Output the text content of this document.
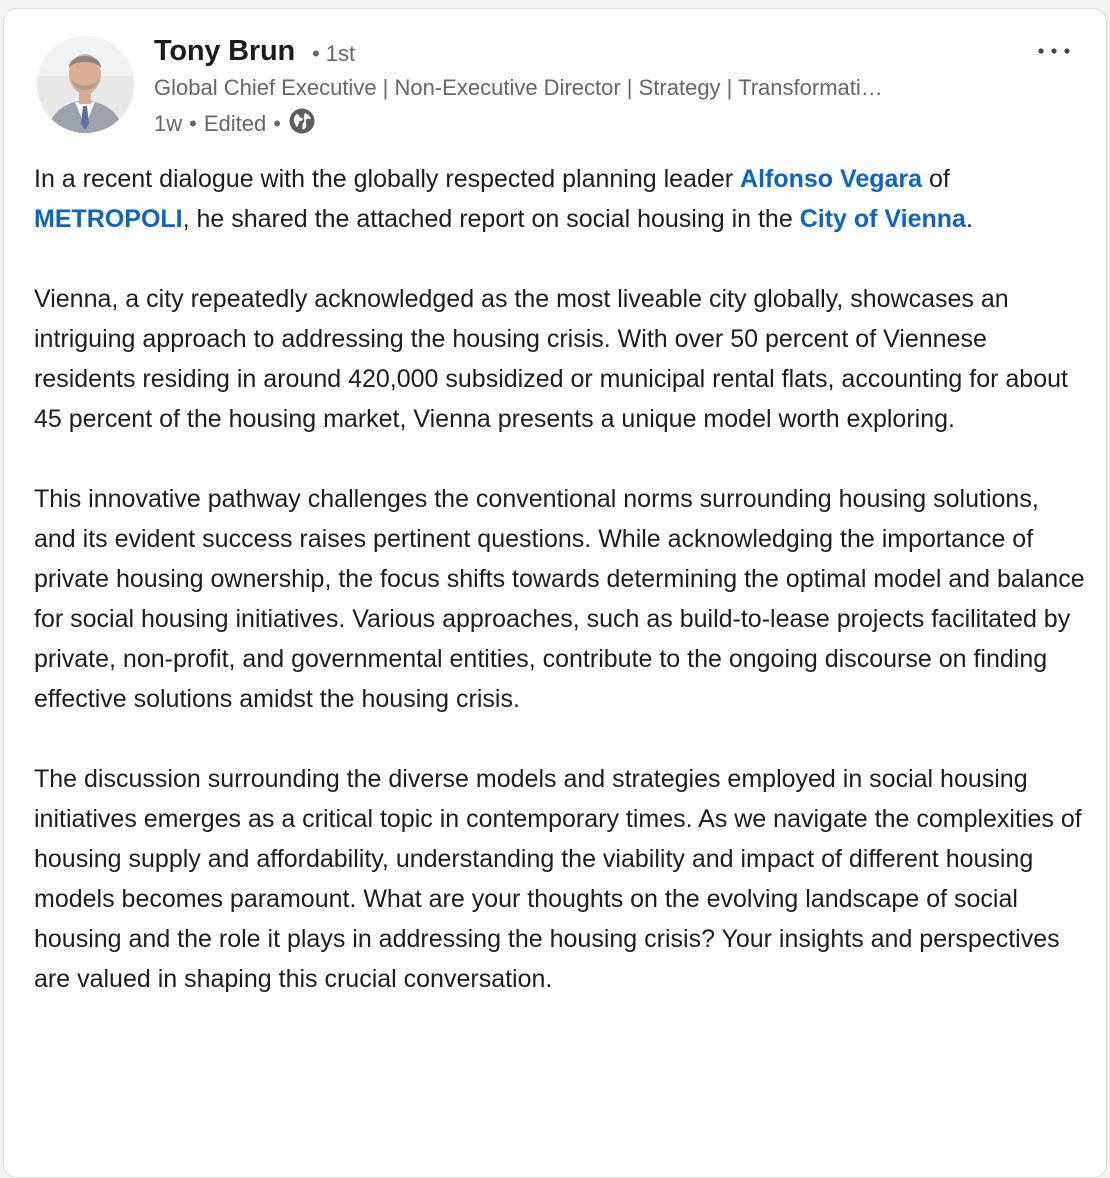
Tony Brun • 1st
Global Chief Executive | Non-Executive Director | Strategy | Transformati…
1w • Edited •

In a recent dialogue with the globally respected planning leader Alfonso Vegara of METROPOLI, he shared the attached report on social housing in the City of Vienna.

Vienna, a city repeatedly acknowledged as the most liveable city globally, showcases an intriguing approach to addressing the housing crisis. With over 50 percent of Viennese residents residing in around 420,000 subsidized or municipal rental flats, accounting for about 45 percent of the housing market, Vienna presents a unique model worth exploring.

This innovative pathway challenges the conventional norms surrounding housing solutions, and its evident success raises pertinent questions. While acknowledging the importance of private housing ownership, the focus shifts towards determining the optimal model and balance for social housing initiatives. Various approaches, such as build-to-lease projects facilitated by private, non-profit, and governmental entities, contribute to the ongoing discourse on finding effective solutions amidst the housing crisis.

The discussion surrounding the diverse models and strategies employed in social housing initiatives emerges as a critical topic in contemporary times. As we navigate the complexities of housing supply and affordability, understanding the viability and impact of different housing models becomes paramount. What are your thoughts on the evolving landscape of social housing and the role it plays in addressing the housing crisis? Your insights and perspectives are valued in shaping this crucial conversation.
